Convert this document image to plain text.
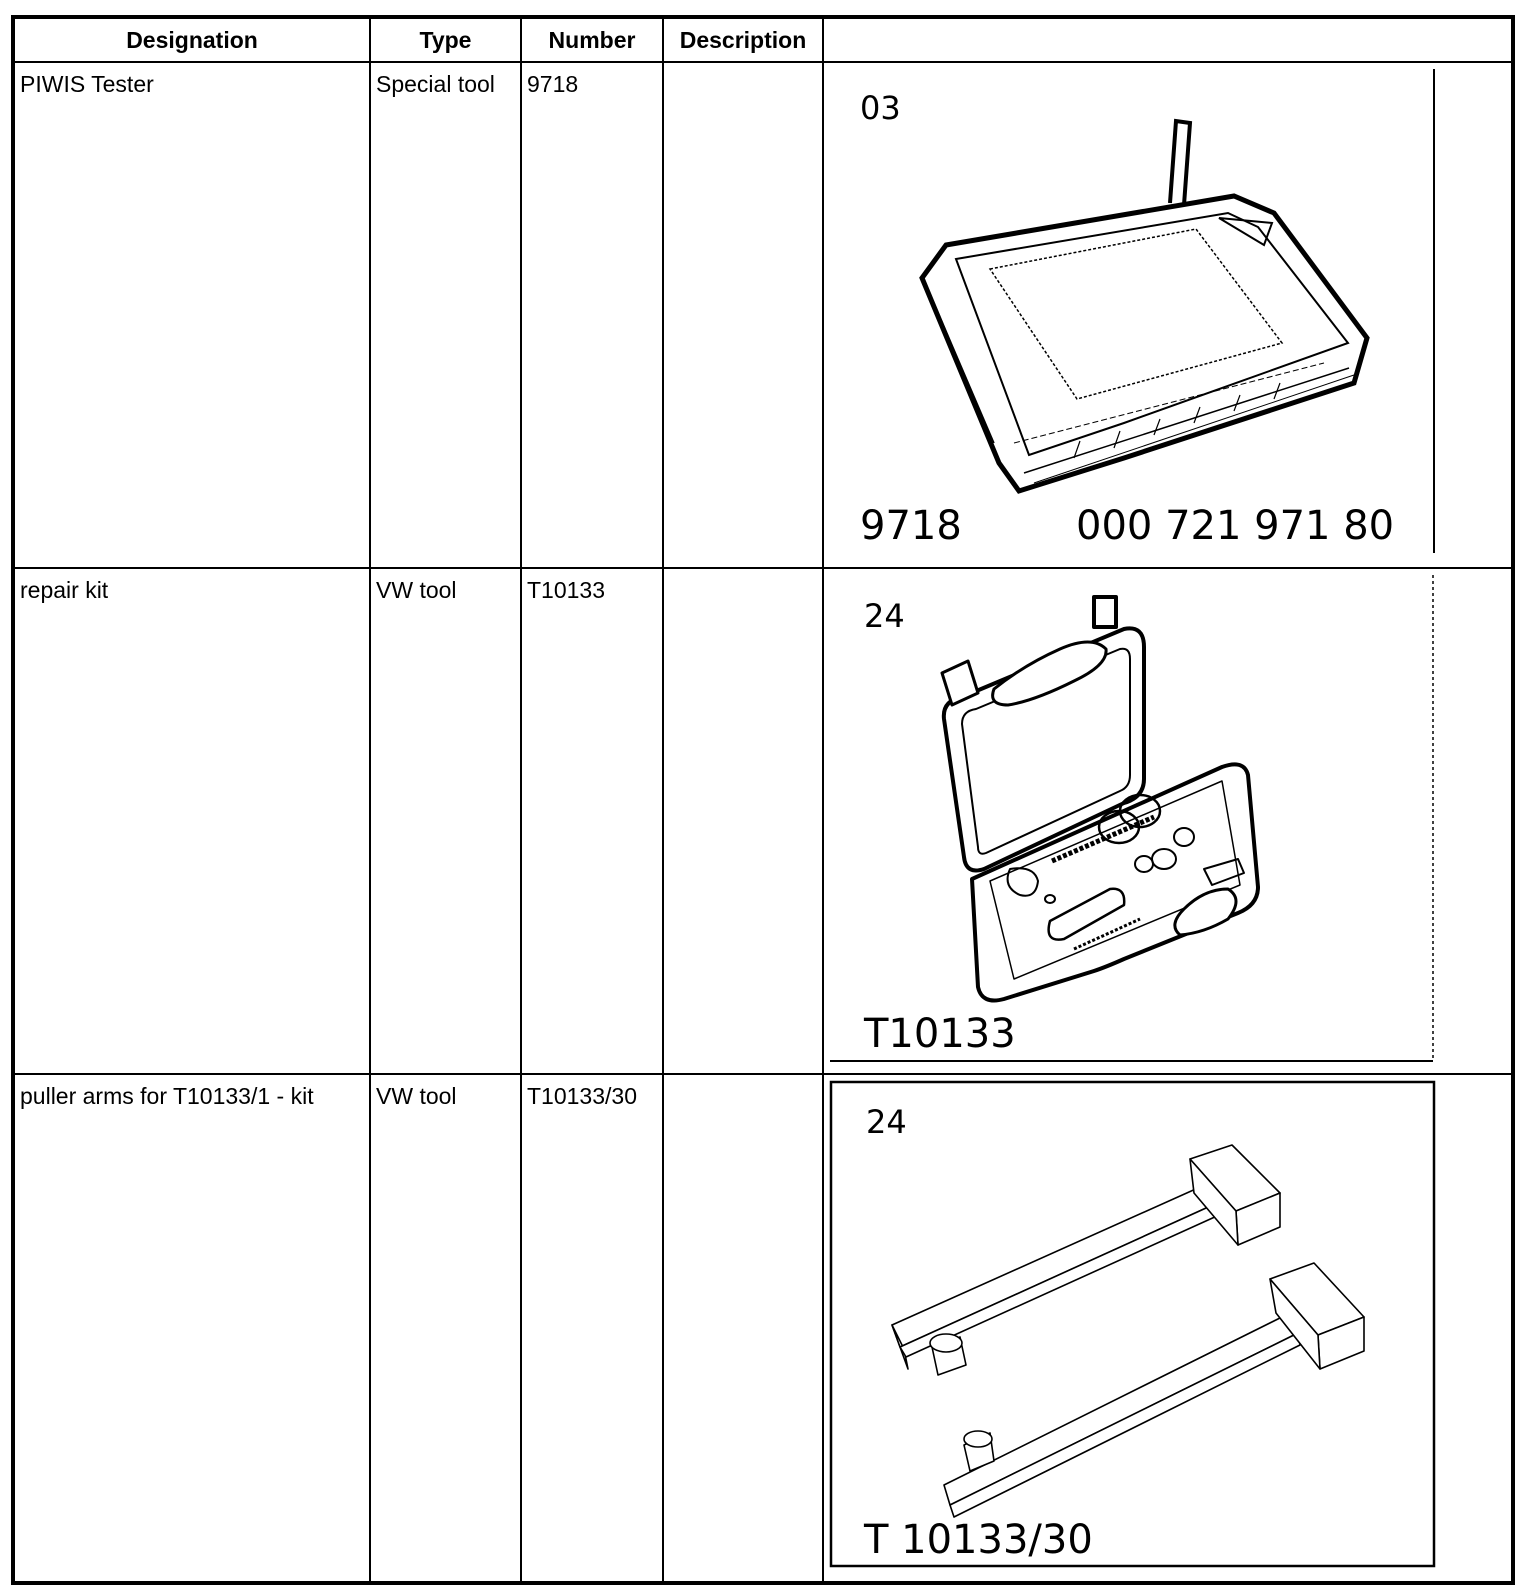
Designation	Type	Number	Description	
PIWIS Tester	Special tool	9718		03
9718 000 721 971 80

repair kit	VW tool	T10133		24
T10133

puller arms for T10133/1 - kit	VW tool	T10133/30		24
T 10133/30
